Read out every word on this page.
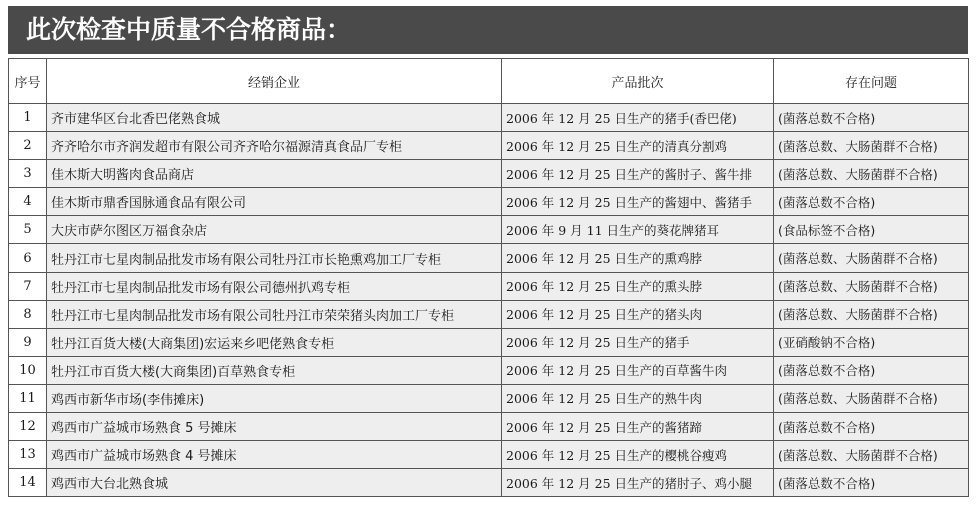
此次检查中质量不合格商品：
序号	经销企业	产品批次	存在问题
1	齐市建华区台北香巴佬熟食城	2006 年 12 月 25 日生产的猪手(香巴佬)	(菌落总数不合格)
2	齐齐哈尔市齐润发超市有限公司齐齐哈尔福源清真食品厂专柜	2006 年 12 月 25 日生产的清真分割鸡	(菌落总数、大肠菌群不合格)
3	佳木斯大明酱肉食品商店	2006 年 12 月 25 日生产的酱肘子、酱牛排	(菌落总数、大肠菌群不合格)
4	佳木斯市鼎香国脉通食品有限公司	2006 年 12 月 25 日生产的酱翅中、酱猪手	(菌落总数不合格)
5	大庆市萨尔图区万福食杂店	2006 年 9 月 11 日生产的葵花牌猪耳	(食品标签不合格)
6	牡丹江市七星肉制品批发市场有限公司牡丹江市长艳熏鸡加工厂专柜	2006 年 12 月 25 日生产的熏鸡脖	(菌落总数、大肠菌群不合格)
7	牡丹江市七星肉制品批发市场有限公司德州扒鸡专柜	2006 年 12 月 25 日生产的熏头脖	(菌落总数、大肠菌群不合格)
8	牡丹江市七星肉制品批发市场有限公司牡丹江市荣荣猪头肉加工厂专柜	2006 年 12 月 25 日生产的猪头肉	(菌落总数、大肠菌群不合格)
9	牡丹江百货大楼(大商集团)宏运来乡吧佬熟食专柜	2006 年 12 月 25 日生产的猪手	(亚硝酸钠不合格)
10	牡丹江市百货大楼(大商集团)百草熟食专柜	2006 年 12 月 25 日生产的百草酱牛肉	(菌落总数不合格)
11	鸡西市新华市场(李伟摊床)	2006 年 12 月 25 日生产的熟牛肉	(菌落总数、大肠菌群不合格)
12	鸡西市广益城市场熟食 5 号摊床	2006 年 12 月 25 日生产的酱猪蹄	(菌落总数不合格)
13	鸡西市广益城市场熟食 4 号摊床	2006 年 12 月 25 日生产的樱桃谷瘦鸡	(菌落总数、大肠菌群不合格)
14	鸡西市大台北熟食城	2006 年 12 月 25 日生产的猪肘子、鸡小腿	(菌落总数不合格)
